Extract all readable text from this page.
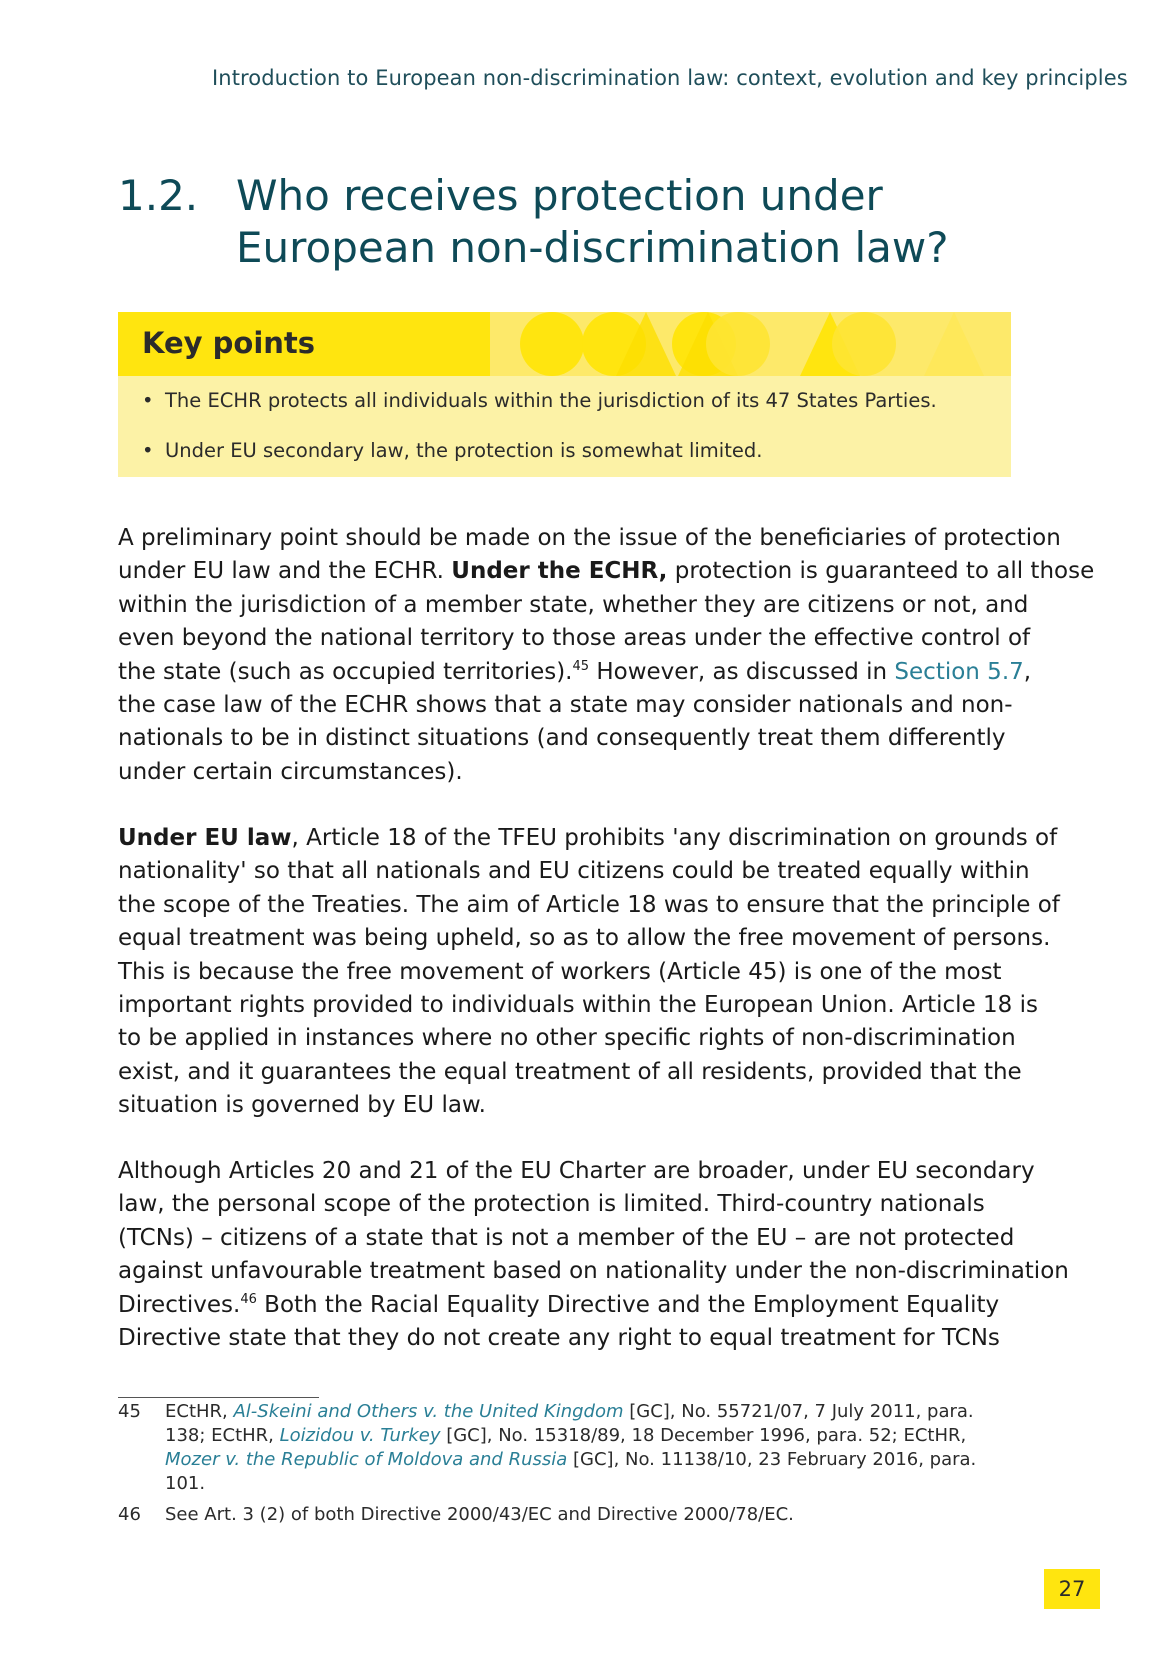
Introduction to European non-discrimination law: context, evolution and key principles
1.2. Who receives protection under European non-discrimination law?
Key points
• The ECHR protects all individuals within the jurisdiction of its 47 States Parties.
• Under EU secondary law, the protection is somewhat limited.
A preliminary point should be made on the issue of the beneficiaries of protection
under EU law and the ECHR. Under the ECHR, protection is guaranteed to all those
within the jurisdiction of a member state, whether they are citizens or not, and
even beyond the national territory to those areas under the effective control of
the state (such as occupied territories).$^{45}$ However, as discussed in Section 5.7,
the case law of the ECHR shows that a state may consider nationals and non-
nationals to be in distinct situations (and consequently treat them differently
under certain circumstances).
Under EU law, Article 18 of the TFEU prohibits 'any discrimination on grounds of
nationality' so that all nationals and EU citizens could be treated equally within
the scope of the Treaties. The aim of Article 18 was to ensure that the principle of
equal treatment was being upheld, so as to allow the free movement of persons.
This is because the free movement of workers (Article 45) is one of the most
important rights provided to individuals within the European Union. Article 18 is
to be applied in instances where no other specific rights of non-discrimination
exist, and it guarantees the equal treatment of all residents, provided that the
situation is governed by EU law.
Although Articles 20 and 21 of the EU Charter are broader, under EU secondary
law, the personal scope of the protection is limited. Third-country nationals
(TCNs) – citizens of a state that is not a member of the EU – are not protected
against unfavourable treatment based on nationality under the non-discrimination
Directives.$^{46}$ Both the Racial Equality Directive and the Employment Equality
Directive state that they do not create any right to equal treatment for TCNs
45 ECtHR, Al-Skeini and Others v. the United Kingdom [GC], No. 55721/07, 7 July 2011, para. 138; ECtHR, Loizidou v. Turkey [GC], No. 15318/89, 18 December 1996, para. 52; ECtHR, Mozer v. the Republic of Moldova and Russia [GC], No. 11138/10, 23 February 2016, para. 101.
46 See Art. 3 (2) of both Directive 2000/43/EC and Directive 2000/78/EC.
27
